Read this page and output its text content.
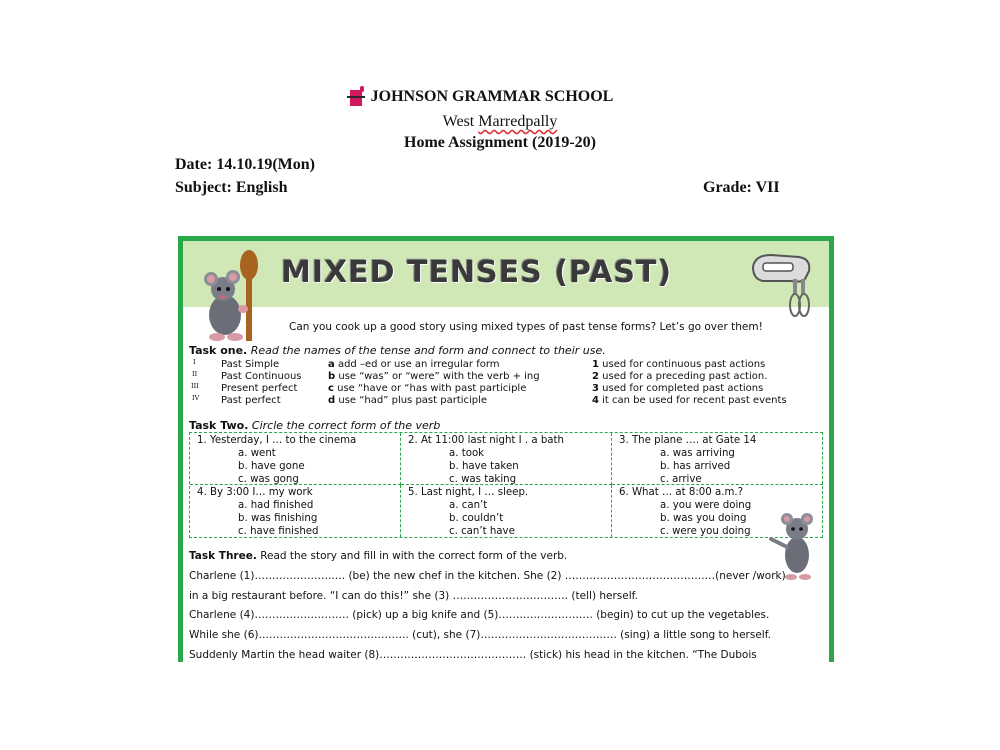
JOHNSON GRAMMAR SCHOOL
West Marredpally
Home Assignment (2019-20)
Date: 14.10.19(Mon)
Subject: English	Grade: VII
MIXED TENSES (PAST)
Can you cook up a good story using mixed types of past tense forms? Let’s go over them!
Task one. Read the names of the tense and form and connect to their use.
I
II
III
IV
Past Simple
Past Continuous
Present perfect
Past perfect
a add –ed or use an irregular form
b use “was” or “were” with the verb + ing
c use “have or “has with past participle
d use “had” plus past participle
1 used for continuous past actions
2 used for a preceding past action.
3 used for completed past actions
4 it can be used for recent past events
Task Two. Circle the correct form of the verb
1. Yesterday, I … to the cinema
a. went
b. have gone
c. was gong
2. At 11:00 last night I . a bath
a. took
b. have taken
c. was taking
3. The plane …. at Gate 14
a. was arriving
b. has arrived
c. arrive
4. By 3:00 I… my work
a. had finished
b. was finishing
c. have finished
5. Last night, I … sleep.
a. can’t
b. couldn’t
c. can’t have
6. What … at 8:00 a.m.?
a. you were doing
b. was you doing
c. were you doing
Task Three. Read the story and fill in with the correct form of the verb.
Charlene (1)………………….…. (be) the new chef in the kitchen. She (2) ………………………………….…(never /work)
in a big restaurant before. “I can do this!” she (3) …………………………… (tell) herself.
Charlene (4)……………………… (pick) up a big knife and (5)……………………… (begin) to cut up the vegetables.
While she (6)……………………………………. (cut), she (7)………………………………… (sing) a little song to herself.
Suddenly Martin the head waiter (8)…………………………………… (stick) his head in the kitchen. “The Dubois
